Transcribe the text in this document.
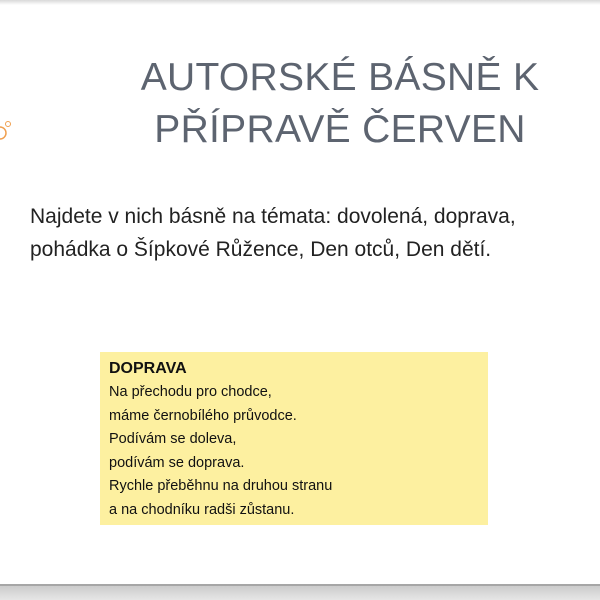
AUTORSKÉ BÁSNĚ K
PŘÍPRAVĚ ČERVEN
Najdete v nich básně na témata: dovolená, doprava,
pohádka o Šípkové Růžence, Den otců, Den dětí.
DOPRAVA
Na přechodu pro chodce,
máme černobílého průvodce.
Podívám se doleva,
podívám se doprava.
Rychle přeběhnu na druhou stranu
a na chodníku radši zůstanu.
